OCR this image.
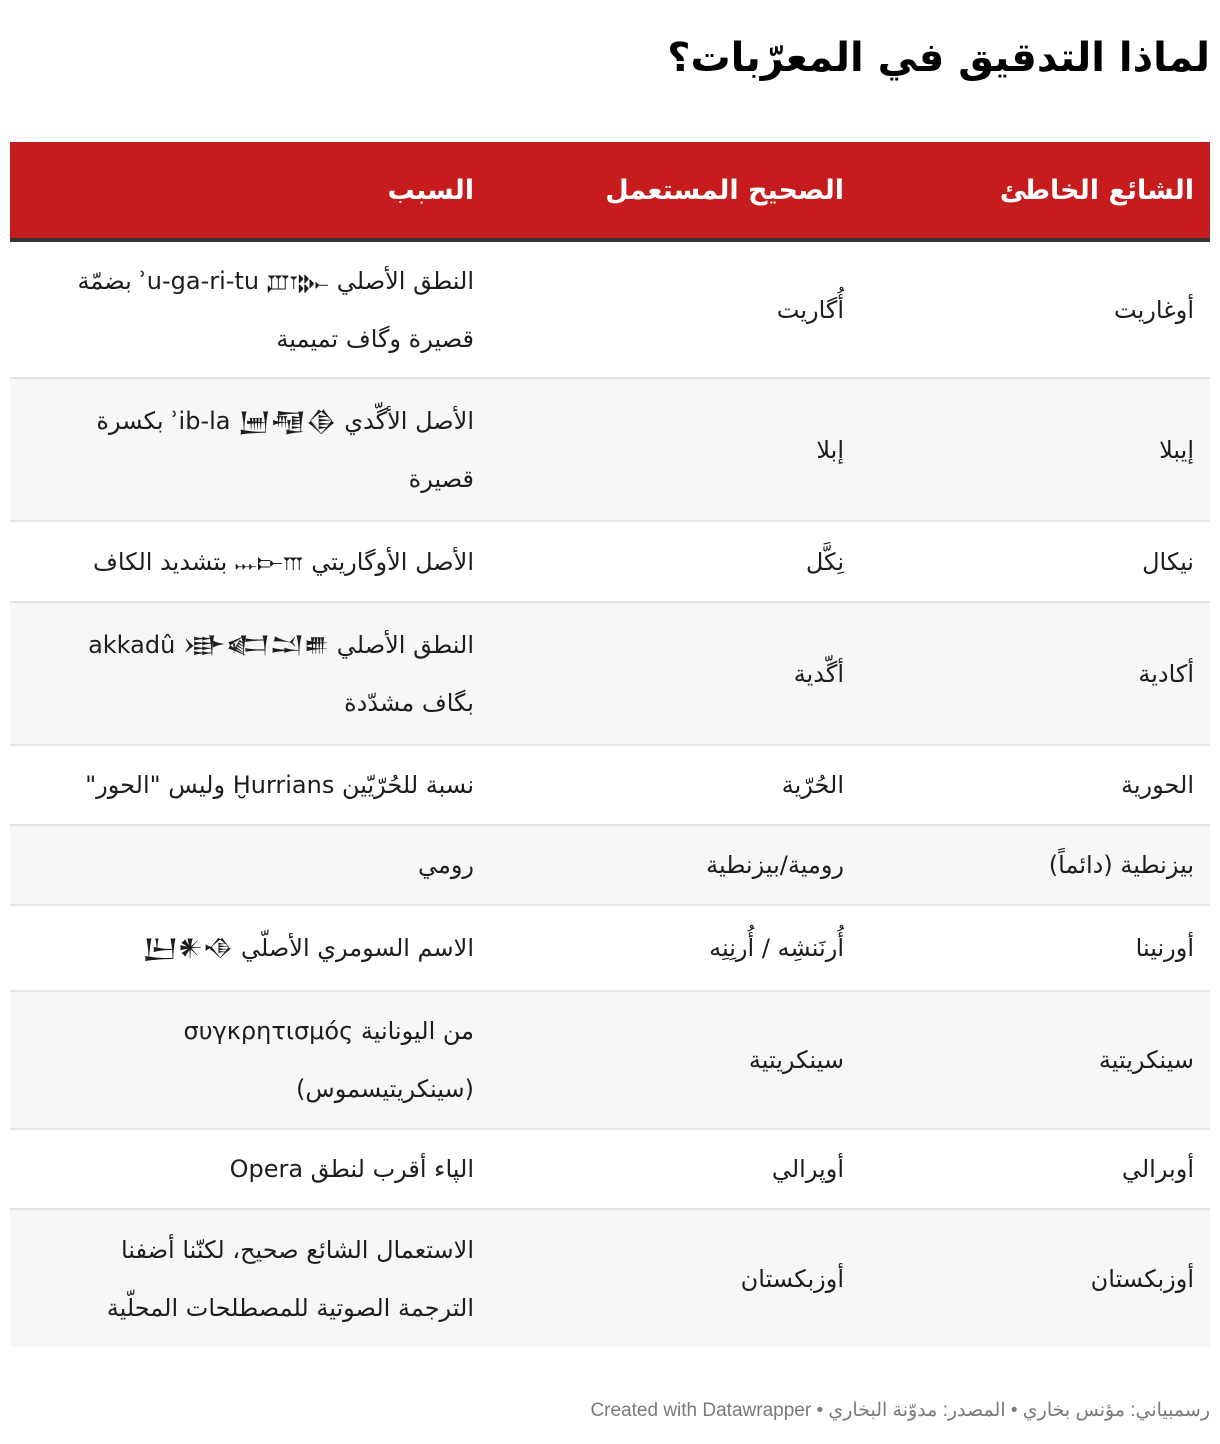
لماذا التدقيق في المعرّبات؟
الشائع الخاطئ
الصحيح المستعمل
السبب
أوغاريت
أُگاريت
النطق الأصلي ʾu-ga-ri-tu 𐎜𐎂𐎗𐎚 بضمّة قصيرة وگاف تميمية
إيبلا
إبلا
الأصل الأگّدي ʾib-la 𒅁𒆷𒆠 بكسرة قصيرة
نيكال
نِكَّل
الأصل الأوگاريتي 𐎐𐎋𐎍 بتشديد الكاف
أكادية
أگّدية
النطق الأصلي akkadû 𒀝𒅗𒁺𒌑 بگاف مشدّدة
الحورية
الحُرّية
نسبة للحُرّيّين Ḫurrians وليس "الحور"
بيزنطية (دائماً)
رومية/بيزنطية
رومي
أورنينا
أُرنَنشِه / أُرنِنِه
الاسم السومري الأصلّي 𒌨𒀭𒈾
سينكريتية
سينكريتية
من اليونانية συγκρητισμός (سينكريتيسموس)
أوبرالي
أوپرالي
الپاء أقرب لنطق Opera
أوزبكستان
أوزبكستان
الاستعمال الشائع صحيح، لكنّنا أضفنا الترجمة الصوتية للمصطلحات المحلّية
رسمبياني: مؤنس بخاري • المصدر: مدوّنة البخاري • Created with Datawrapper
